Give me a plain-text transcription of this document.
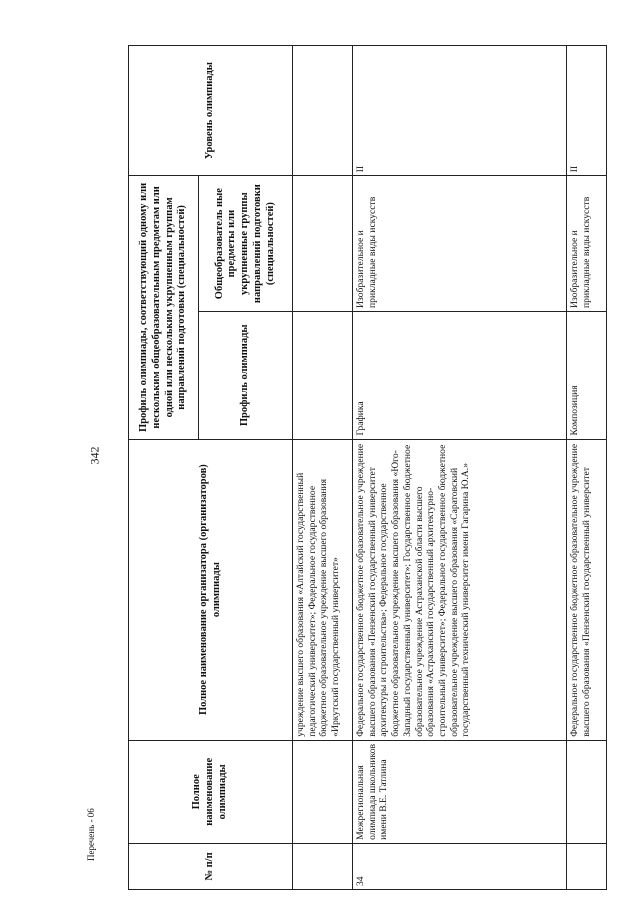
342
№ п/п	Полное наименование олимпиады	Полное наименование организатора (организаторов) олимпиады	Профиль олимпиады, соответствующий одному или нескольким общеобразовательным предметам или одной или нескольким укрупненным группам направлений подготовки (специальностей)		Уровень олимпиады
			Профиль олимпиады	Общеобразователь ные предметы или укрупненные группы направлений подготовки (специальностей)	
		учреждение высшего образования «Алтайский государственный педагогический университет»; Федеральное государственное бюджетное образовательное учреждение высшего образования «Иркутский государственный университет»			
34	Межрегиональная олимпиада школьников имени В.Е. Татлина	Федеральное государственное бюджетное образовательное учреждение высшего образования «Пензенский государственный университет архитектуры и строительства»; Федеральное государственное бюджетное образовательное учреждение высшего образования «Юго-Западный государственный университет»; Государственное бюджетное образовательное учреждение Астраханской области высшего образования «Астраханский государственный архитектурно-строительный университет»; Федеральное государственное бюджетное образовательное учреждение высшего образования «Саратовский государственный технический университет имени Гагарина Ю.А.»	Графика	Изобразительное и прикладные виды искусств	II
		Федеральное государственное бюджетное образовательное учреждение высшего образования «Пензенский государственный университет	Композиция	Изобразительное и прикладные виды искусств	II
Перечень - 06
